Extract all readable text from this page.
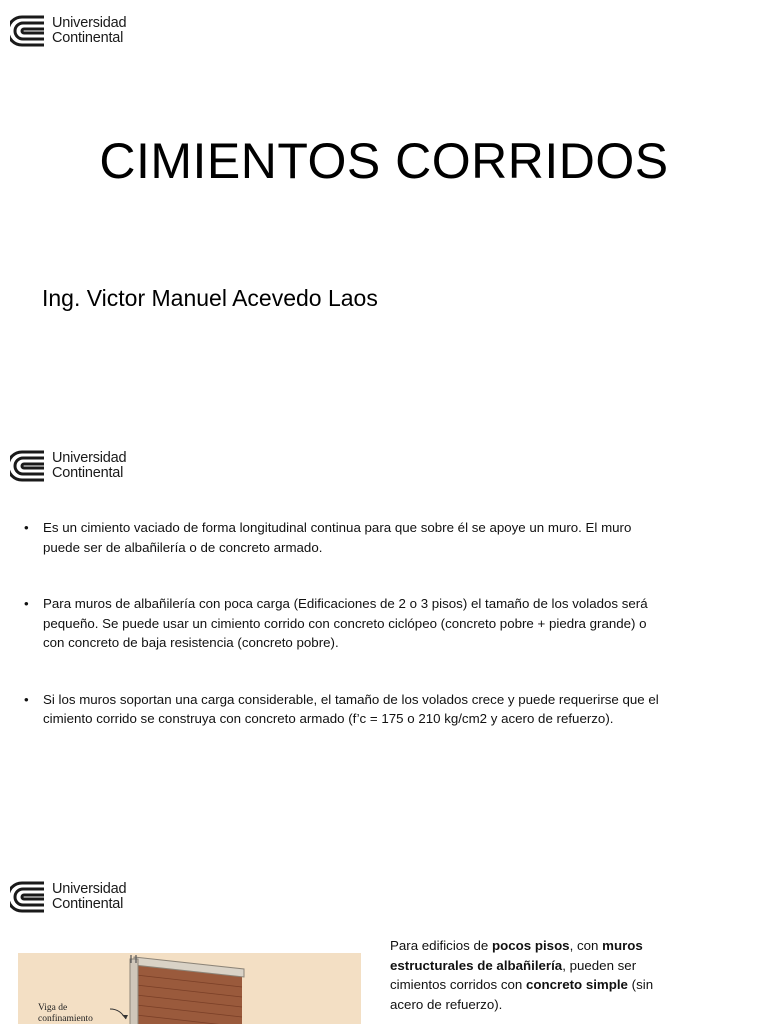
Universidad
Continental
CIMIENTOS CORRIDOS
Ing. Victor Manuel Acevedo Laos
Universidad
Continental
• Es un cimiento vaciado de forma longitudinal continua para que sobre él se apoye un muro. El muro puede ser de albañilería o de concreto armado.
• Para muros de albañilería con poca carga (Edificaciones de 2 o 3 pisos) el tamaño de los volados será pequeño. Se puede usar un cimiento corrido con concreto ciclópeo (concreto pobre + piedra grande) o con concreto de baja resistencia (concreto pobre).
• Si los muros soportan una carga considerable, el tamaño de los volados crece y puede requerirse que el cimiento corrido se construya con concreto armado (f’c = 175 o 210 kg/cm2 y acero de refuerzo).
Universidad
Continental
Viga de confinamiento
Para edificios de pocos pisos, con muros estructurales de albañilería, pueden ser cimientos corridos con concreto simple (sin acero de refuerzo).
